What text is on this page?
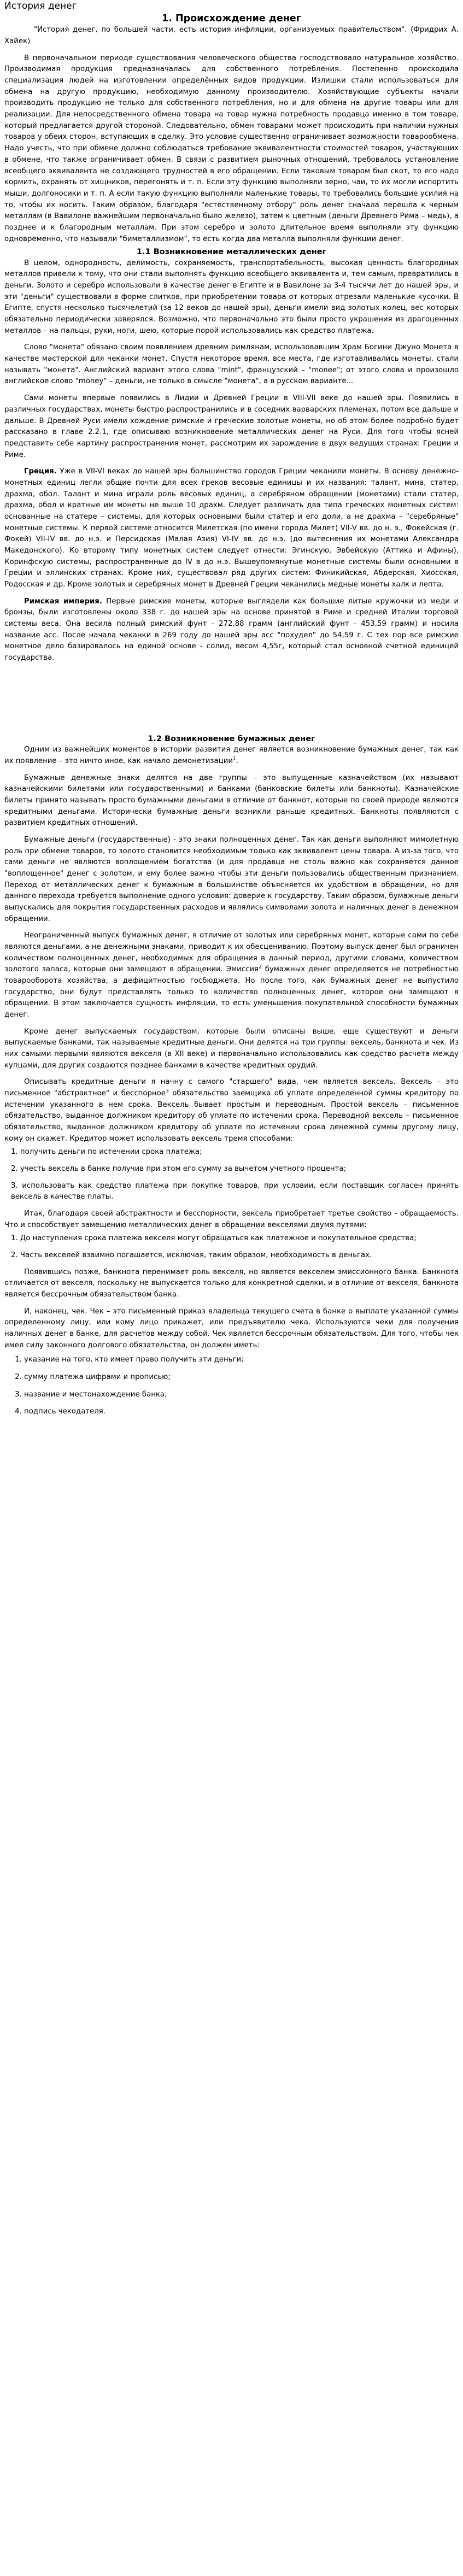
История денег
1. Происхождение денег

"История денег, по большей части, есть история инфляции, организуемых правительством". (Фридрих А. Хайек)

В первоначальном периоде существования человеческого общества господствовало натуральное хозяйство. Производимая продукция предназначалась для собственного потребления. Постепенно происходила специализация людей на изготовлении определённых видов продукции. Излишки стали использоваться для обмена на другую продукцию, необходимую данному производителю. Хозяйствующие субъекты начали производить продукцию не только для собственного потребления, но и для обмена на другие товары или для реализации. Для непосредственного обмена товара на товар нужна потребность продавца именно в том товаре, который предлагается другой стороной. Следовательно, обмен товарами может происходить при наличии нужных товаров у обеих сторон, вступающих в сделку. Это условие существенно ограничивает возможности товарообмена. Надо учесть, что при обмене должно соблюдаться требование эквивалентности стоимостей товаров, участвующих в обмене, что также ограничивает обмен. В связи с развитием рыночных отношений, требовалось установление всеобщего эквивалента не создающего трудностей в его обращении. Если таковым товаром был скот, то его надо кормить, охранять от хищников, перегонять и т. п. Если эту функцию выполняли зерно, чаи, то их могли испортить мыши, долгоносики и т. п. А если такую функцию выполняли маленькие товары, то требовались большие усилия на то, чтобы их носить. Таким образом, благодаря "естественному отбору" роль денег сначала перешла к черным металлам (в Вавилоне важнейшим первоначально было железо), затем к цветным (деньги Древнего Рима – медь), а позднее и к благородным металлам. При этом серебро и золото длительное время выполняли эту функцию одновременно, что называли "биметаллизмом", то есть когда два металла выполняли функции денег.

1.1 Возникновение металлических денег

В целом, однородность, делимость, сохраняемость, транспортабельность, высокая ценность благородных металлов привели к тому, что они стали выполнять функцию всеобщего эквивалента и, тем самым, превратились в деньги. Золото и серебро использовали в качестве денег в Египте и в Вавилоне за 3-4 тысячи лет до нашей эры, и эти "деньги" существовали в форме слитков, при приобретении товара от которых отрезали маленькие кусочки. В Египте, спустя несколько тысячелетий (за 12 веков до нашей эры), деньги имели вид золотых колец, вес которых обязательно периодически заверялся. Возможно, что первоначально это были просто украшения из драгоценных металлов – на пальцы, руки, ноги, шею, которые порой использовались как средство платежа.

Слово "монета" обязано своим появлением древним римлянам, использовавшим Храм Богини Джуно Монета в качестве мастерской для чеканки монет. Спустя некоторое время, все места, где изготавливались монеты, стали называть "монета". Английский вариант этого слова "mint", французский – "monee"; от этого слова и произошло английское слово "money" – деньги, не только в смысле "монета", а в русском варианте...

Сами монеты впервые появились в Лидии и Древней Греции в VIII-VII веке до нашей эры. Появились в различных государствах, монеты быстро распространились и в соседних варварских племенах, потом все дальше и дальше. В Древней Руси имели хождение римские и греческие золотые монеты, но об этом более подробно будет рассказано в главе 2.2.1, где описываю возникновение металлических денег на Руси. Для того чтобы ясней представить себе картину распространения монет, рассмотрим их зарождение в двух ведущих странах: Греции и Риме.

Греция. Уже в VII-VI веках до нашей эры большинство городов Греции чеканили монеты. В основу денежно-монетных единиц легли общие почти для всех греков весовые единицы и их названия: талант, мина, статер, драхма, обол. Талант и мина играли роль весовых единиц, а серебряном обращении (монетами) стали статер, драхма, обол и кратные им монеты не выше 10 драхм. Следует различать два типа греческих монетных систем: основанные на статере – системы, для которых основными были статер и его доли, а не драхма – "серебряные" монетные системы. К первой системе относится Милетская (по имени города Милет) VII-V вв. до н. э., Фокейская (г. Фокей) VII-IV вв. до н.э. и Персидская (Малая Азия) VI-IV вв. до н.э. (до вытеснения их монетами Александра Македонского). Ко второму типу монетных систем следует отнести: Эгинскую, Эвбейскую (Аттика и Афины), Коринфскую системы, распространенные до IV в до н.э. Вышеупомянутые монетные системы были основными в Греции и эллинских странах. Кроме них, существовал ряд других систем: Финикийская, Абдерская, Хиосская, Родосская и др. Кроме золотых и серебряных монет в Древней Греции чеканились медные монеты халк и лепта.

Римская империя. Первые римские монеты, которые выглядели как большие литые кружочки из меди и бронзы, были изготовлены около 338 г. до нашей эры на основе принятой в Риме и средней Италии торговой системы веса. Она весила полный римский фунт - 272,88 грамм (английский фунт - 453,59 грамм) и носила название асс. После начала чеканки в 269 году до нашей эры асс "похудел" до 54,59 г. С тех пор все римские монетное дело базировалось на единой основе - солид, весом 4,55г, который стал основной счетной единицей государства.

1.2 Возникновение бумажных денег

Одним из важнейших моментов в истории развития денег является возникновение бумажных денег, так как их появление – это ничто иное, как начало демонетизации$^1$.

Бумажные денежные знаки делятся на две группы – это выпущенные казначейством (их называют казначейскими билетами или государственными) и банками (банковские билеты или банкноты). Казначейские билеты принято называть просто бумажными деньгами в отличие от банкнот, которые по своей природе являются кредитными деньгами. Исторически бумажные деньги возникли раньше кредитных. Банкноты появляются с развитием кредитных отношений.

Бумажные деньги (государственные) - это знаки полноценных денег. Так как деньги выполняют мимолетную роль при обмене товаров, то золото становится необходимым только как эквивалент цены товара. А из-за того, что сами деньги не являются воплощением богатства (и для продавца не столь важно как сохраняется данное "воплощенное" денег с золотом, и ему более важно чтобы эти деньги пользовались общественным признанием. Переход от металлических денег к бумажным в большинстве объясняется их удобством в обращении, но для данного перехода требуется выполнение одного условия: доверие к государству. Таким образом, бумажные деньги выпускались для покрытия государственных расходов и являлись символами золота и наличных денег в денежном обращении.

Неограниченный выпуск бумажных денег, в отличие от золотых или серебряных монет, которые сами по себе являются деньгами, а не денежными знаками, приводит к их обесцениванию. Поэтому выпуск денег был ограничен количеством полноценных денег, необходимых для обращения в данный период, другими словами, количеством золотого запаса, которые они замещают в обращении. Эмиссия$^2$ бумажных денег определяется не потребностью товарооборота хозяйства, а дефицитностью госбюджета. Но после того, как бумажных денег не выпустило государство, они будут представлять только то количество полноценных денег, которое они замещают в обращении. В этом заключается сущность инфляции, то есть уменьшения покупательной способности бумажных денег.

Кроме денег выпускаемых государством, которые были описаны выше, еще существуют и деньги выпускаемые банками, так называемые кредитные деньги. Они делятся на три группы: вексель, банкнота и чек. Из них самыми первыми являются векселя (в XII веке) и первоначально использовались как средство расчета между купцами, для других создаются позднее банками в качестве кредитных орудий.

Описывать кредитные деньги я начну с самого "старшего" вида, чем является вексель. Вексель – это письменное "абстрактное" и бесспорное$^3$ обязательство заемщика об уплате определенной суммы кредитору по истечении указанного в нем срока. Вексель бывает простым и переводным. Простой вексель – письменное обязательство, выданное должником кредитору об уплате по истечении срока. Переводной вексель – письменное обязательство, выданное должником кредитору об уплате по истечении срока денежной суммы другому лицу, кому он скажет. Кредитор может использовать вексель тремя способами:

1. получить деньги по истечении срока платежа;
2. учесть вексель в банке получив при этом его сумму за вычетом учетного процента;
3. использовать как средство платежа при покупке товаров, при условии, если поставщик согласен принять вексель в качестве платы.

Итак, благодаря своей абстрактности и бесспорности, вексель приобретает третье свойство - обращаемость. Что и способствует замещению металлических денег в обращении векселями двумя путями:

1. До наступления срока платежа векселя могут обращаться как платежное и покупательное средства;
2. Часть векселей взаимно погашается, исключая, таким образом, необходимость в деньгах.

Появившись позже, банкнота перенимает роль векселя, но является векселем эмиссионного банка. Банкнота отличается от векселя, поскольку не выпускается только для конкретной сделки, и в отличие от векселя, банкнота является бессрочным обязательством банка.

И, наконец, чек. Чек – это письменный приказ владельца текущего счета в банке о выплате указанной суммы определенному лицу, или кому лицо прикажет, или предъявителю чека. Используются чеки для получения наличных денег в банке, для расчетов между собой. Чек является бессрочным обязательством. Для того, чтобы чек имел силу законного долгового обязательства, он должен иметь:

1. указание на того, кто имеет право получить эти деньги;
2. сумму платежа цифрами и прописью;
3. название и местонахождение банка;
4. подпись чекодателя.
